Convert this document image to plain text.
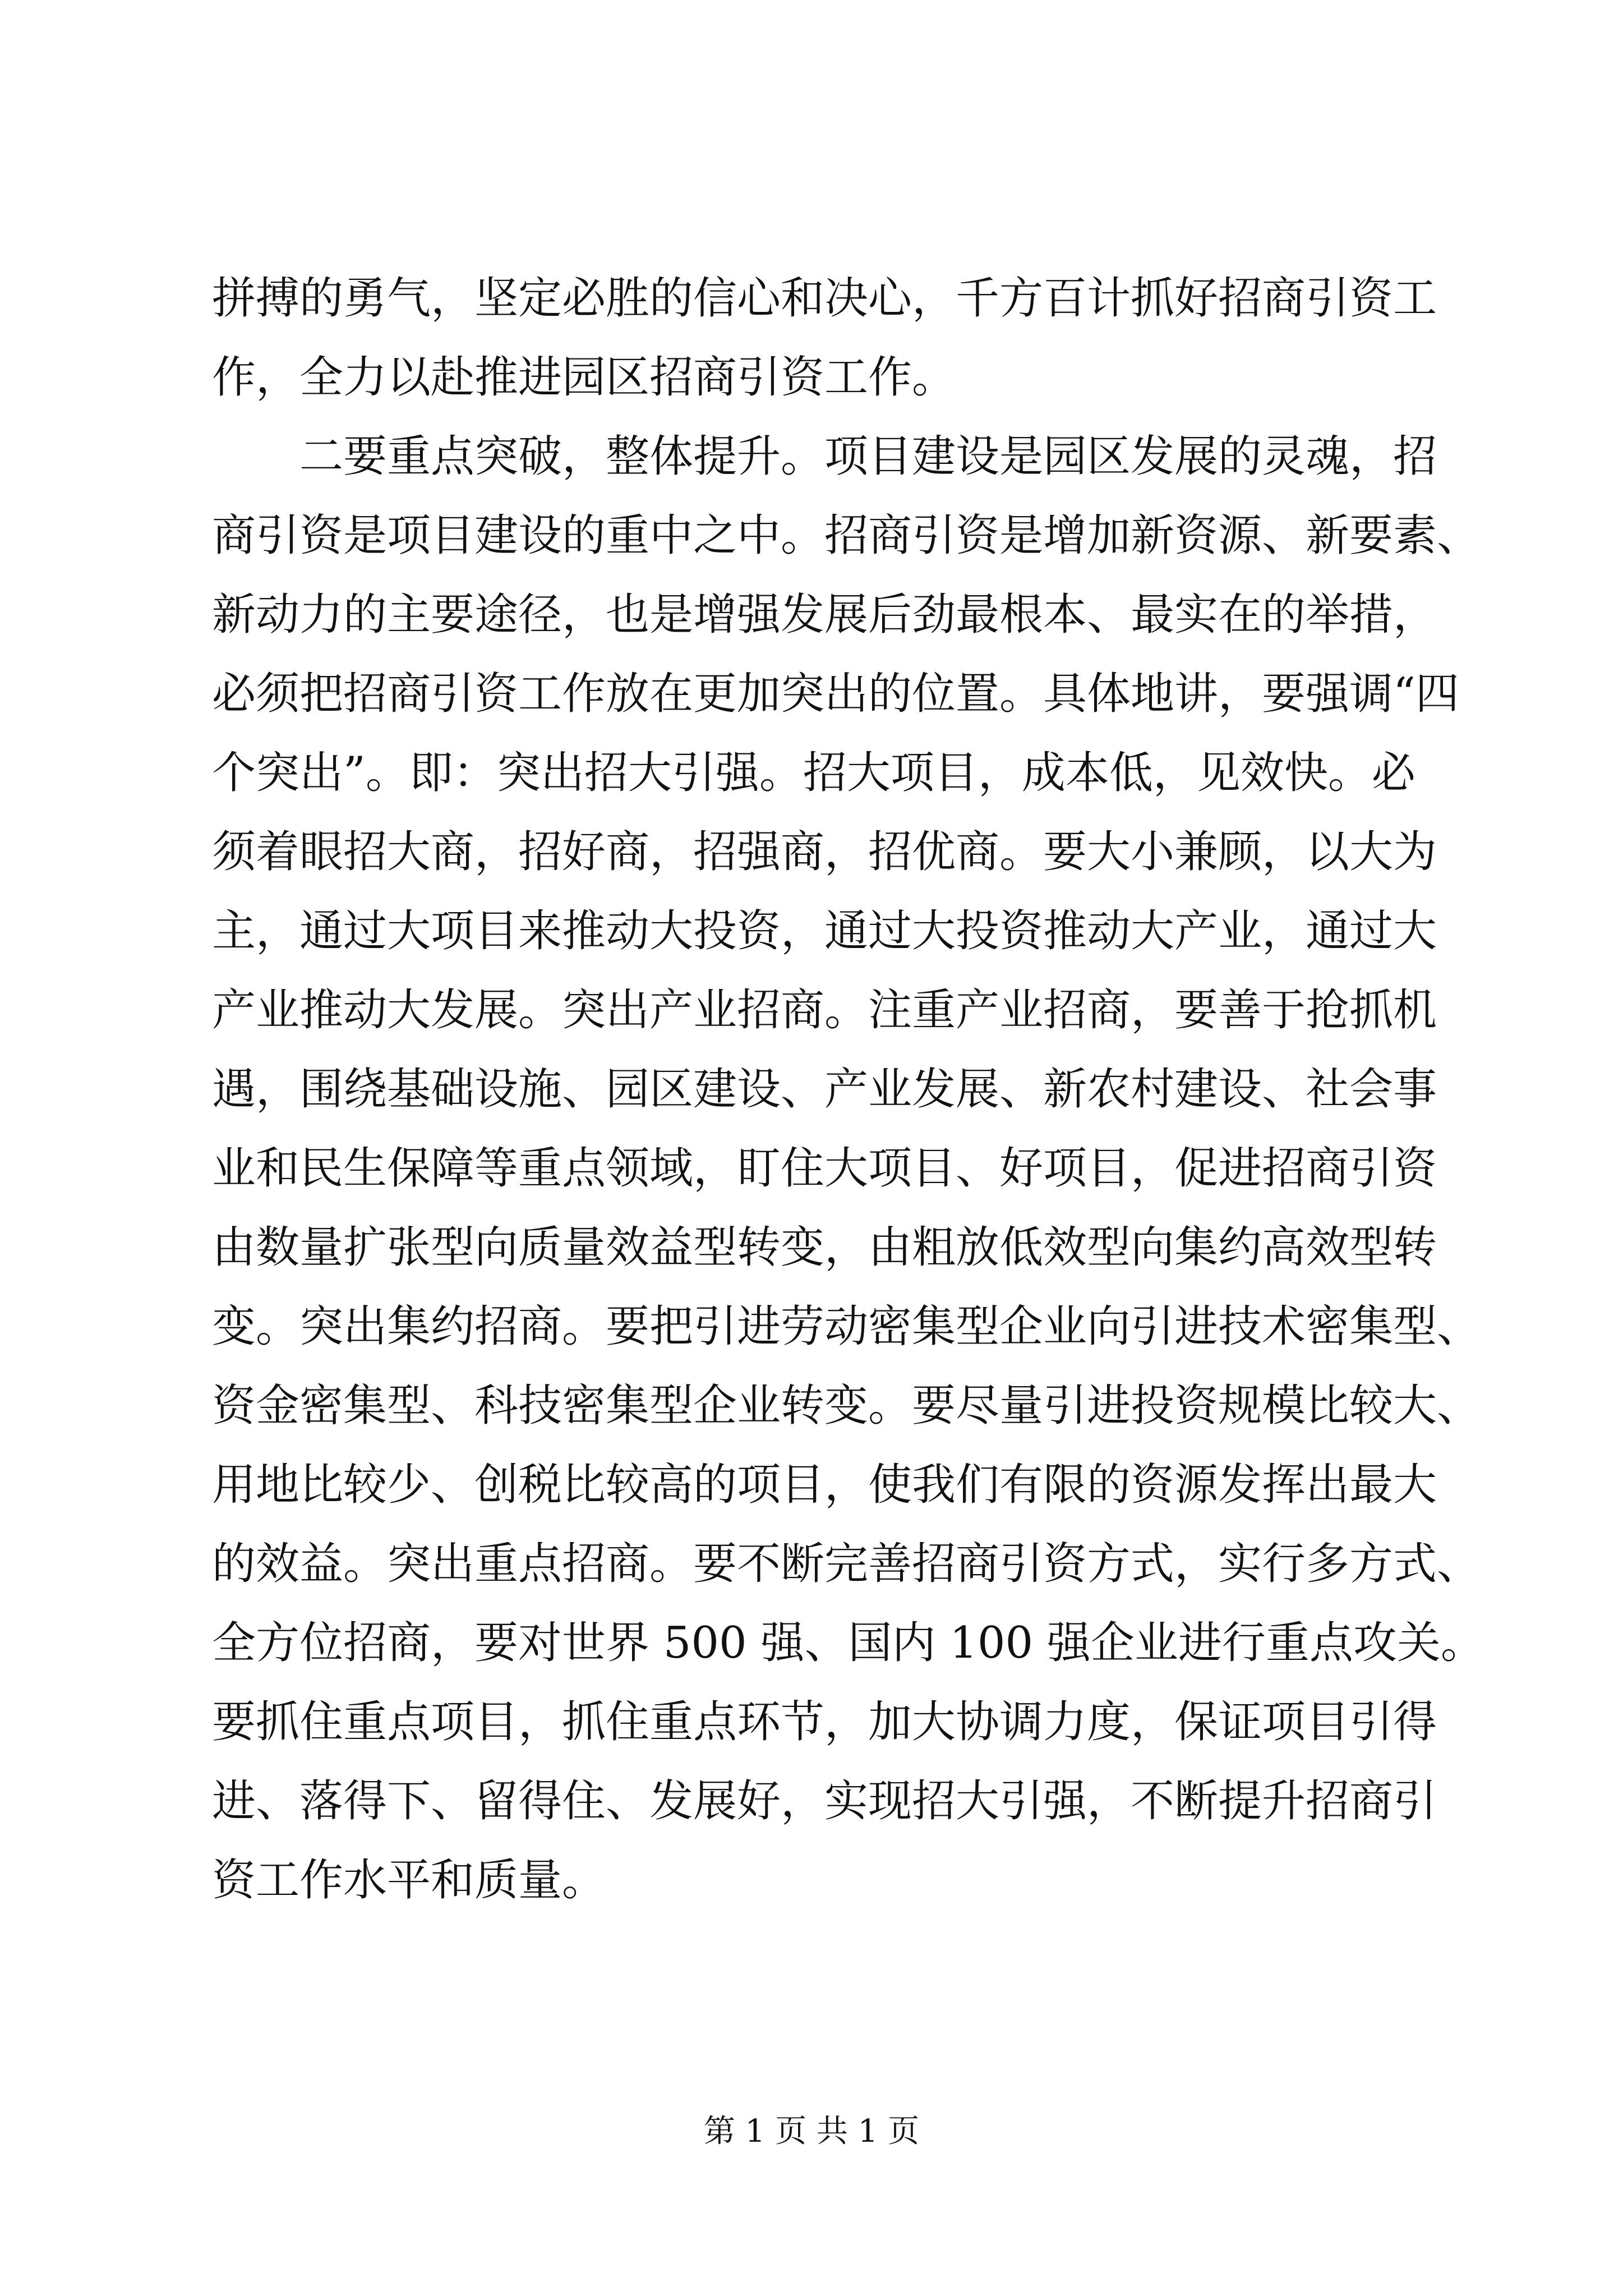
拼搏的勇气，坚定必胜的信心和决心，千方百计抓好招商引资工
作，全力以赴推进园区招商引资工作。
　　二要重点突破，整体提升。项目建设是园区发展的灵魂，招
商引资是项目建设的重中之中。招商引资是增加新资源、新要素、
新动力的主要途径，也是增强发展后劲最根本、最实在的举措，
必须把招商引资工作放在更加突出的位置。具体地讲，要强调“四
个突出”。即：突出招大引强。招大项目，成本低，见效快。必
须着眼招大商，招好商，招强商，招优商。要大小兼顾，以大为
主，通过大项目来推动大投资，通过大投资推动大产业，通过大
产业推动大发展。突出产业招商。注重产业招商，要善于抢抓机
遇，围绕基础设施、园区建设、产业发展、新农村建设、社会事
业和民生保障等重点领域，盯住大项目、好项目，促进招商引资
由数量扩张型向质量效益型转变，由粗放低效型向集约高效型转
变。突出集约招商。要把引进劳动密集型企业向引进技术密集型、
资金密集型、科技密集型企业转变。要尽量引进投资规模比较大、
用地比较少、创税比较高的项目，使我们有限的资源发挥出最大
的效益。突出重点招商。要不断完善招商引资方式，实行多方式、
全方位招商，要对世界 500 强、国内 100 强企业进行重点攻关。
要抓住重点项目，抓住重点环节，加大协调力度，保证项目引得
进、落得下、留得住、发展好，实现招大引强，不断提升招商引
资工作水平和质量。
第 1 页 共 1 页
